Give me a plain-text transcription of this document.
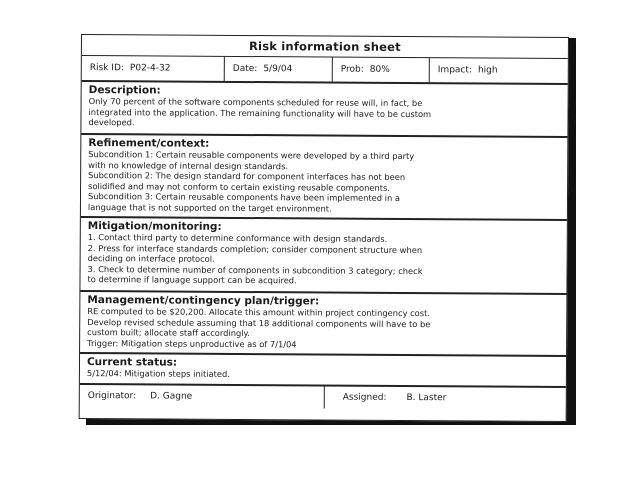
Risk information sheet
Risk ID: P02-4-32	Date: 5/9/04	Prob: 80%	Impact: high
Description:

Only 70 percent of the software components scheduled for reuse will, in fact, be

integrated into the application. The remaining functionality will have to be custom

developed.

Refinement/context:

Subcondition 1: Certain reusable components were developed by a third party

with no knowledge of internal design standards.

Subcondition 2: The design standard for component interfaces has not been

solidified and may not conform to certain existing reusable components.

Subcondition 3: Certain reusable components have been implemented in a

language that is not supported on the target environment.

Mitigation/monitoring:

1. Contact third party to determine conformance with design standards.

2. Press for interface standards completion; consider component structure when

deciding on interface protocol.

3. Check to determine number of components in subcondition 3 category; check

to determine if language support can be acquired.

Management/contingency plan/trigger:

RE computed to be $20,200. Allocate this amount within project contingency cost.

Develop revised schedule assuming that 18 additional components will have to be

custom built; allocate staff accordingly.

Trigger: Mitigation steps unproductive as of 7/1/04

Current status:

5/12/04: Mitigation steps initiated.

Originator: D. Gagne	Assigned: B. Laster
